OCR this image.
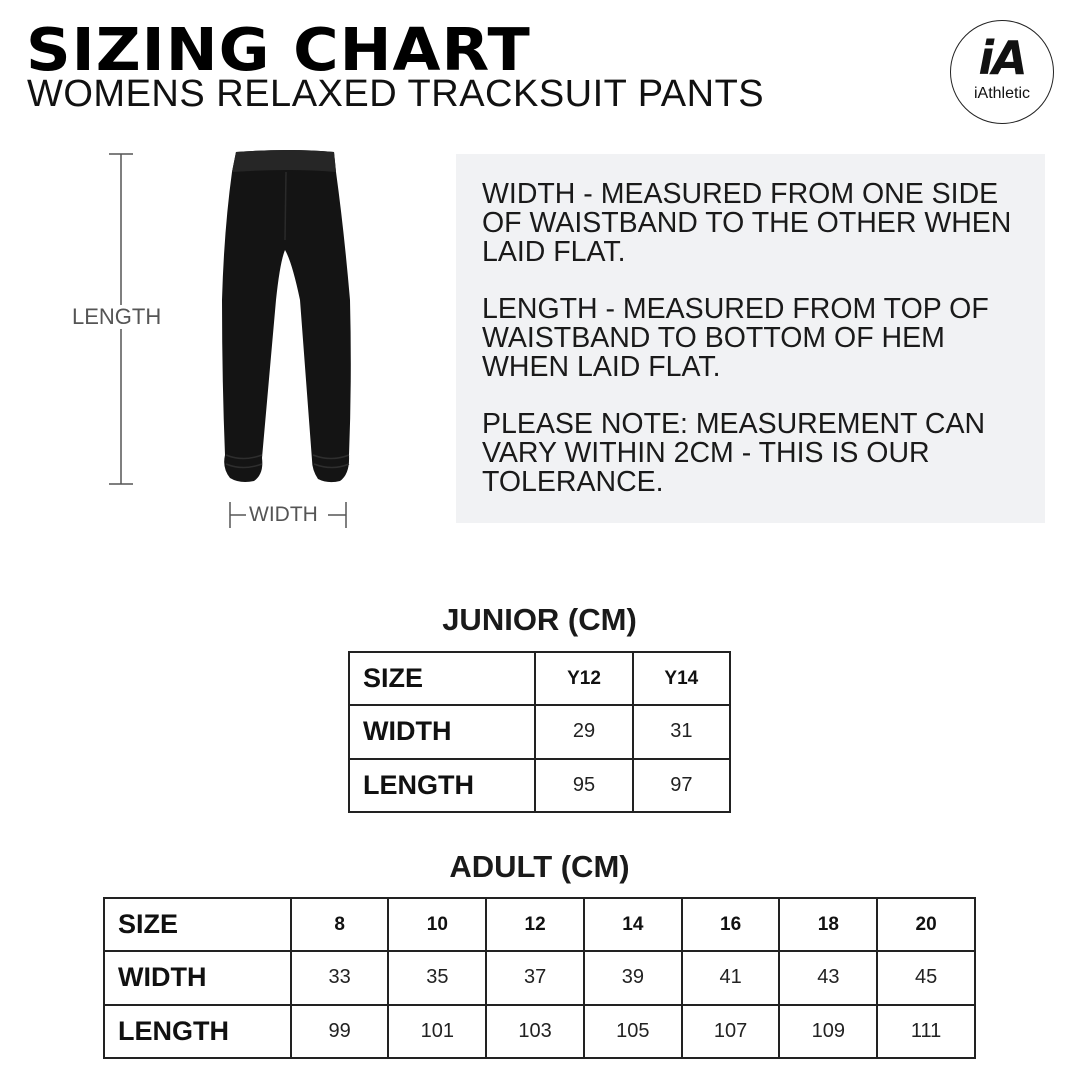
SIZING CHART
WOMENS RELAXED TRACKSUIT PANTS
iA
iAthletic
LENGTH
WIDTH

WIDTH - MEASURED FROM ONE SIDE OF WAISTBAND TO THE OTHER WHEN LAID FLAT.

LENGTH - MEASURED FROM TOP OF WAISTBAND TO BOTTOM OF HEM WHEN LAID FLAT.

PLEASE NOTE: MEASUREMENT CAN VARY WITHIN 2CM - THIS IS OUR TOLERANCE.

JUNIOR (CM)
SIZE	Y12	Y14
WIDTH	29	31
LENGTH	95	97
ADULT (CM)
SIZE	8	10	12	14	16	18	20
WIDTH	33	35	37	39	41	43	45
LENGTH	99	101	103	105	107	109	111
